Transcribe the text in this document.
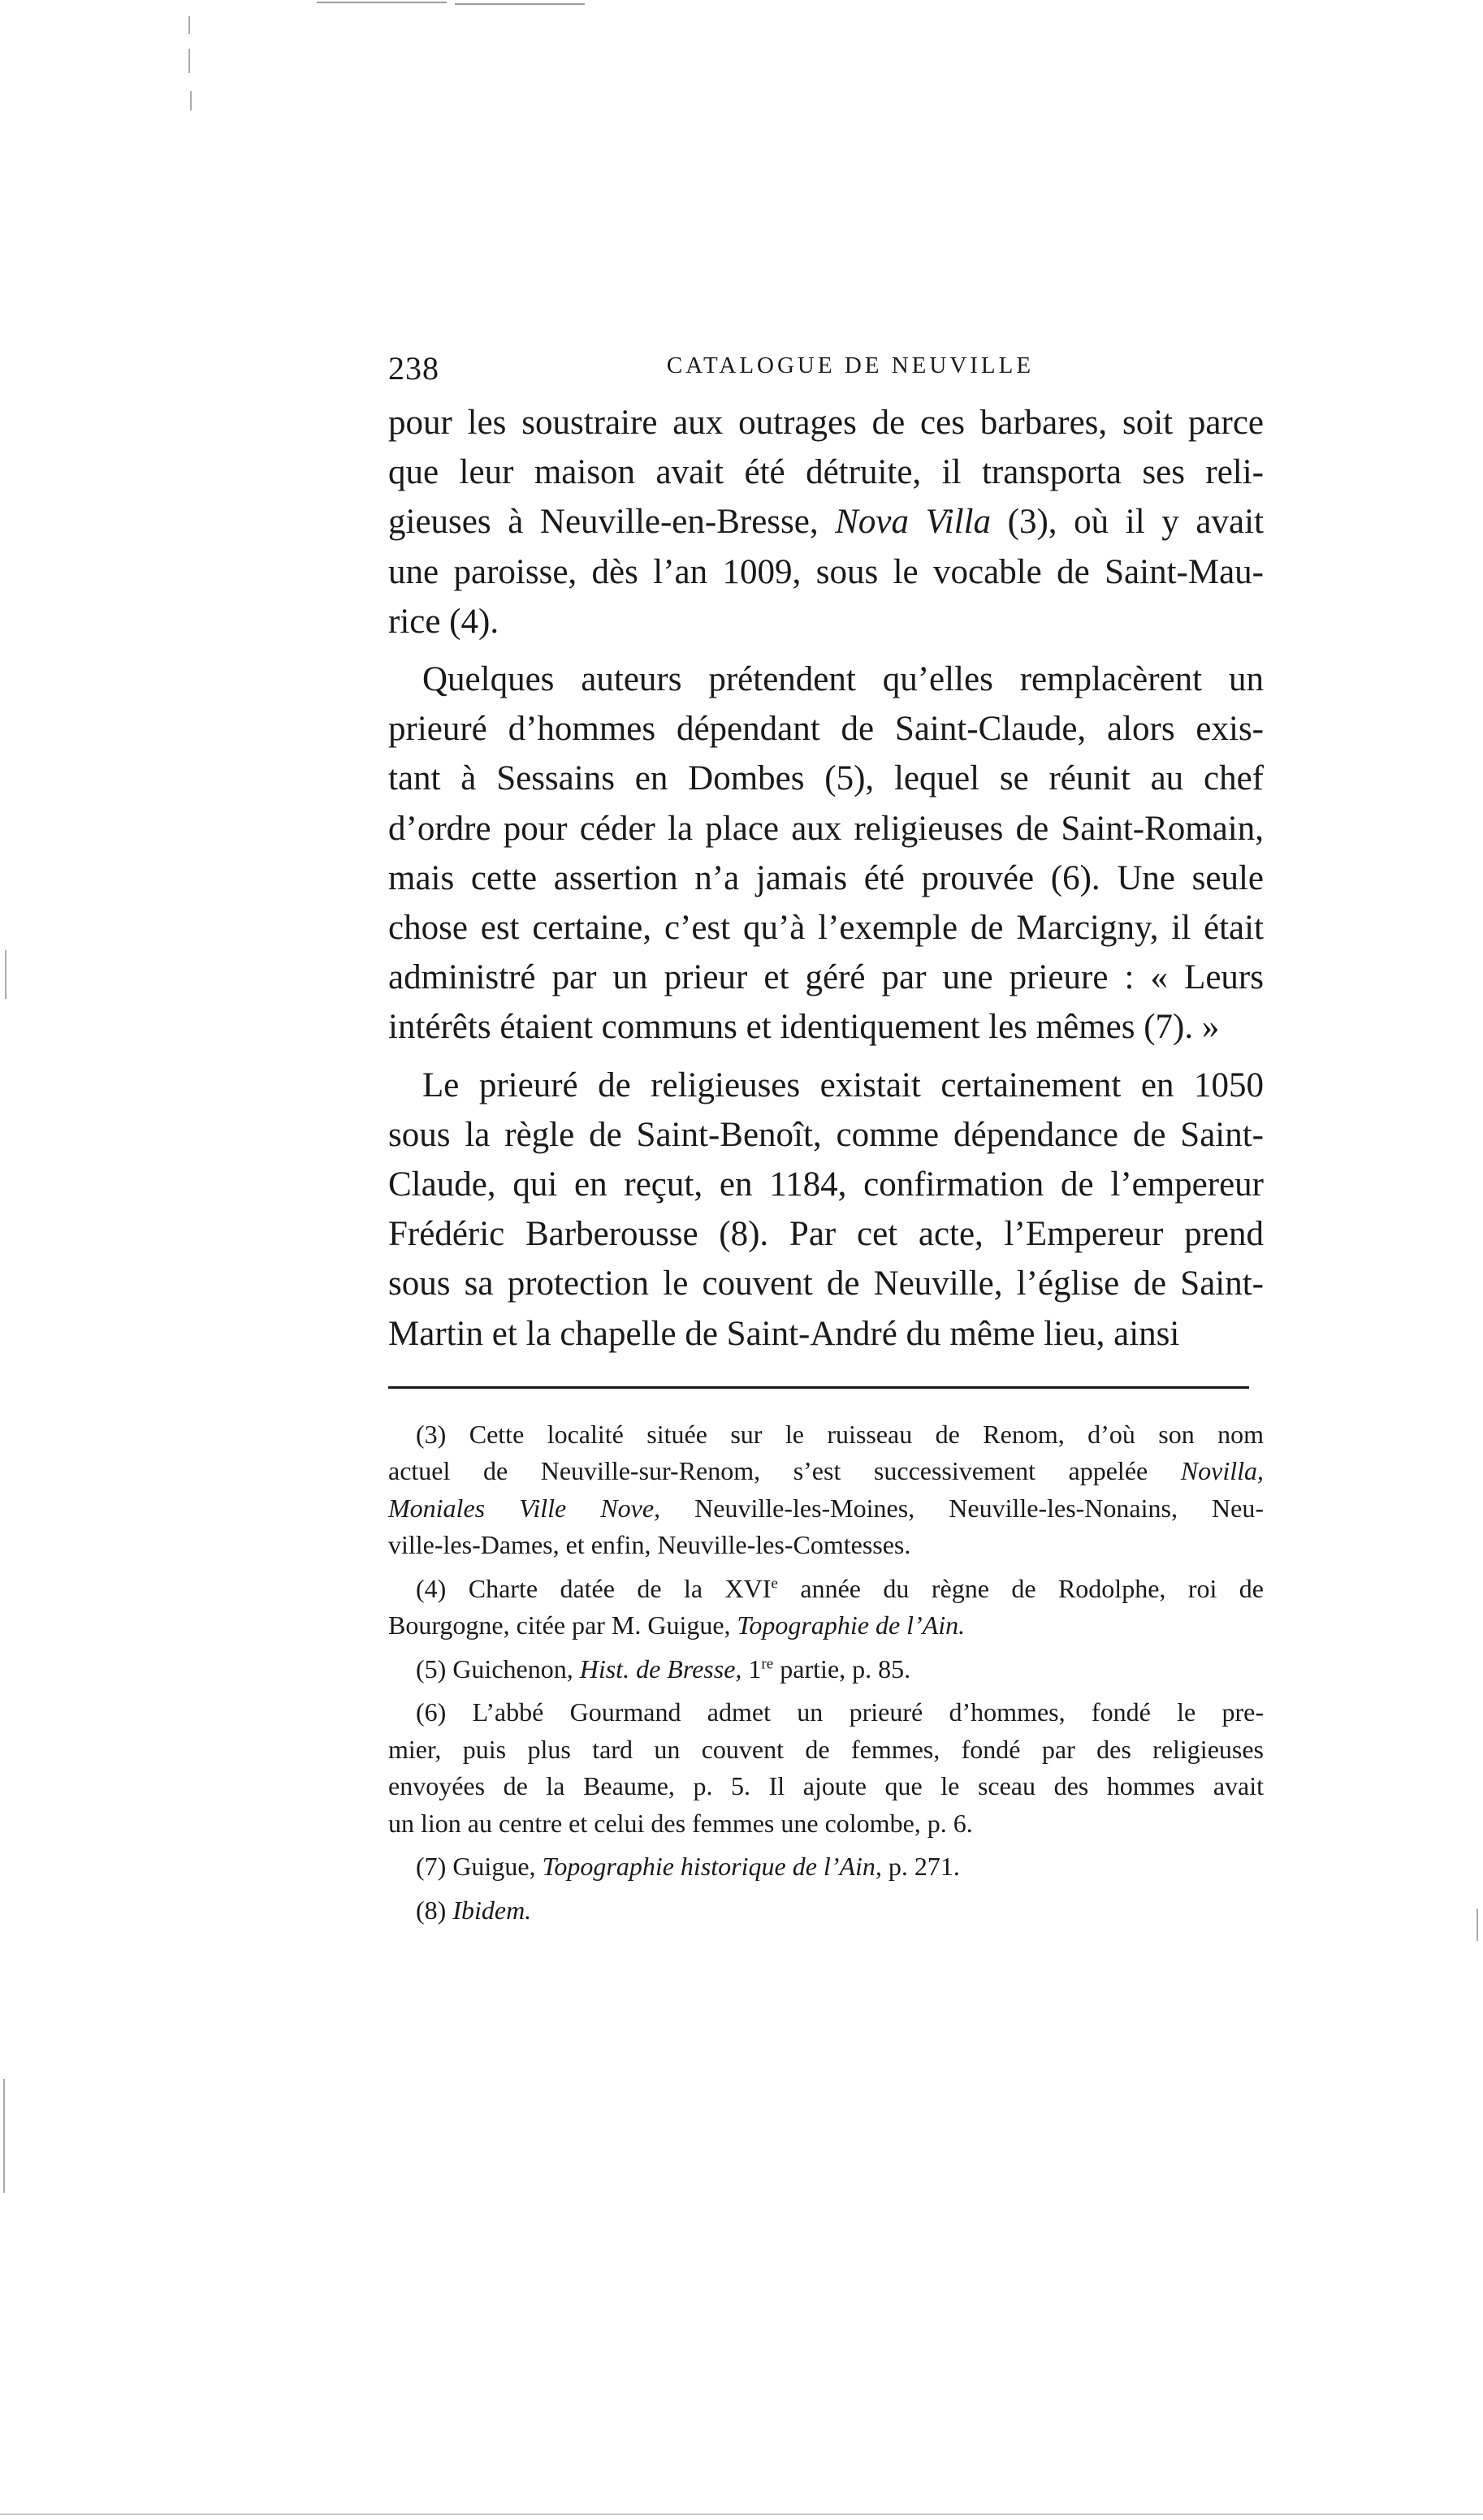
238	CATALOGUE DE NEUVILLE

pour les soustraire aux outrages de ces barbares, soit parce
que leur maison avait été détruite, il transporta ses reli-
gieuses à Neuville-en-Bresse, Nova Villa (3), où il y avait
une paroisse, dès l’an 1009, sous le vocable de Saint-Mau-
rice (4).

Quelques auteurs prétendent qu’elles remplacèrent un
prieuré d’hommes dépendant de Saint-Claude, alors exis-
tant à Sessains en Dombes (5), lequel se réunit au chef
d’ordre pour céder la place aux religieuses de Saint-Romain,
mais cette assertion n’a jamais été prouvée (6). Une seule
chose est certaine, c’est qu’à l’exemple de Marcigny, il était
administré par un prieur et géré par une prieure : « Leurs
intérêts étaient communs et identiquement les mêmes (7). »

Le prieuré de religieuses existait certainement en 1050
sous la règle de Saint-Benoît, comme dépendance de Saint-
Claude, qui en reçut, en 1184, confirmation de l’empereur
Frédéric Barberousse (8). Par cet acte, l’Empereur prend
sous sa protection le couvent de Neuville, l’église de Saint-
Martin et la chapelle de Saint-André du même lieu, ainsi

(3) Cette localité située sur le ruisseau de Renom, d’où son nom
actuel de Neuville-sur-Renom, s’est successivement appelée Novilla,
Moniales Ville Nove, Neuville-les-Moines, Neuville-les-Nonains, Neu-
ville-les-Dames, et enfin, Neuville-les-Comtesses.
(4) Charte datée de la XVIe année du règne de Rodolphe, roi de
Bourgogne, citée par M. Guigue, Topographie de l’Ain.
(5) Guichenon, Hist. de Bresse, 1re partie, p. 85.
(6) L’abbé Gourmand admet un prieuré d’hommes, fondé le pre-
mier, puis plus tard un couvent de femmes, fondé par des religieuses
envoyées de la Beaume, p. 5. Il ajoute que le sceau des hommes avait
un lion au centre et celui des femmes une colombe, p. 6.
(7) Guigue, Topographie historique de l’Ain, p. 271.
(8) Ibidem.
